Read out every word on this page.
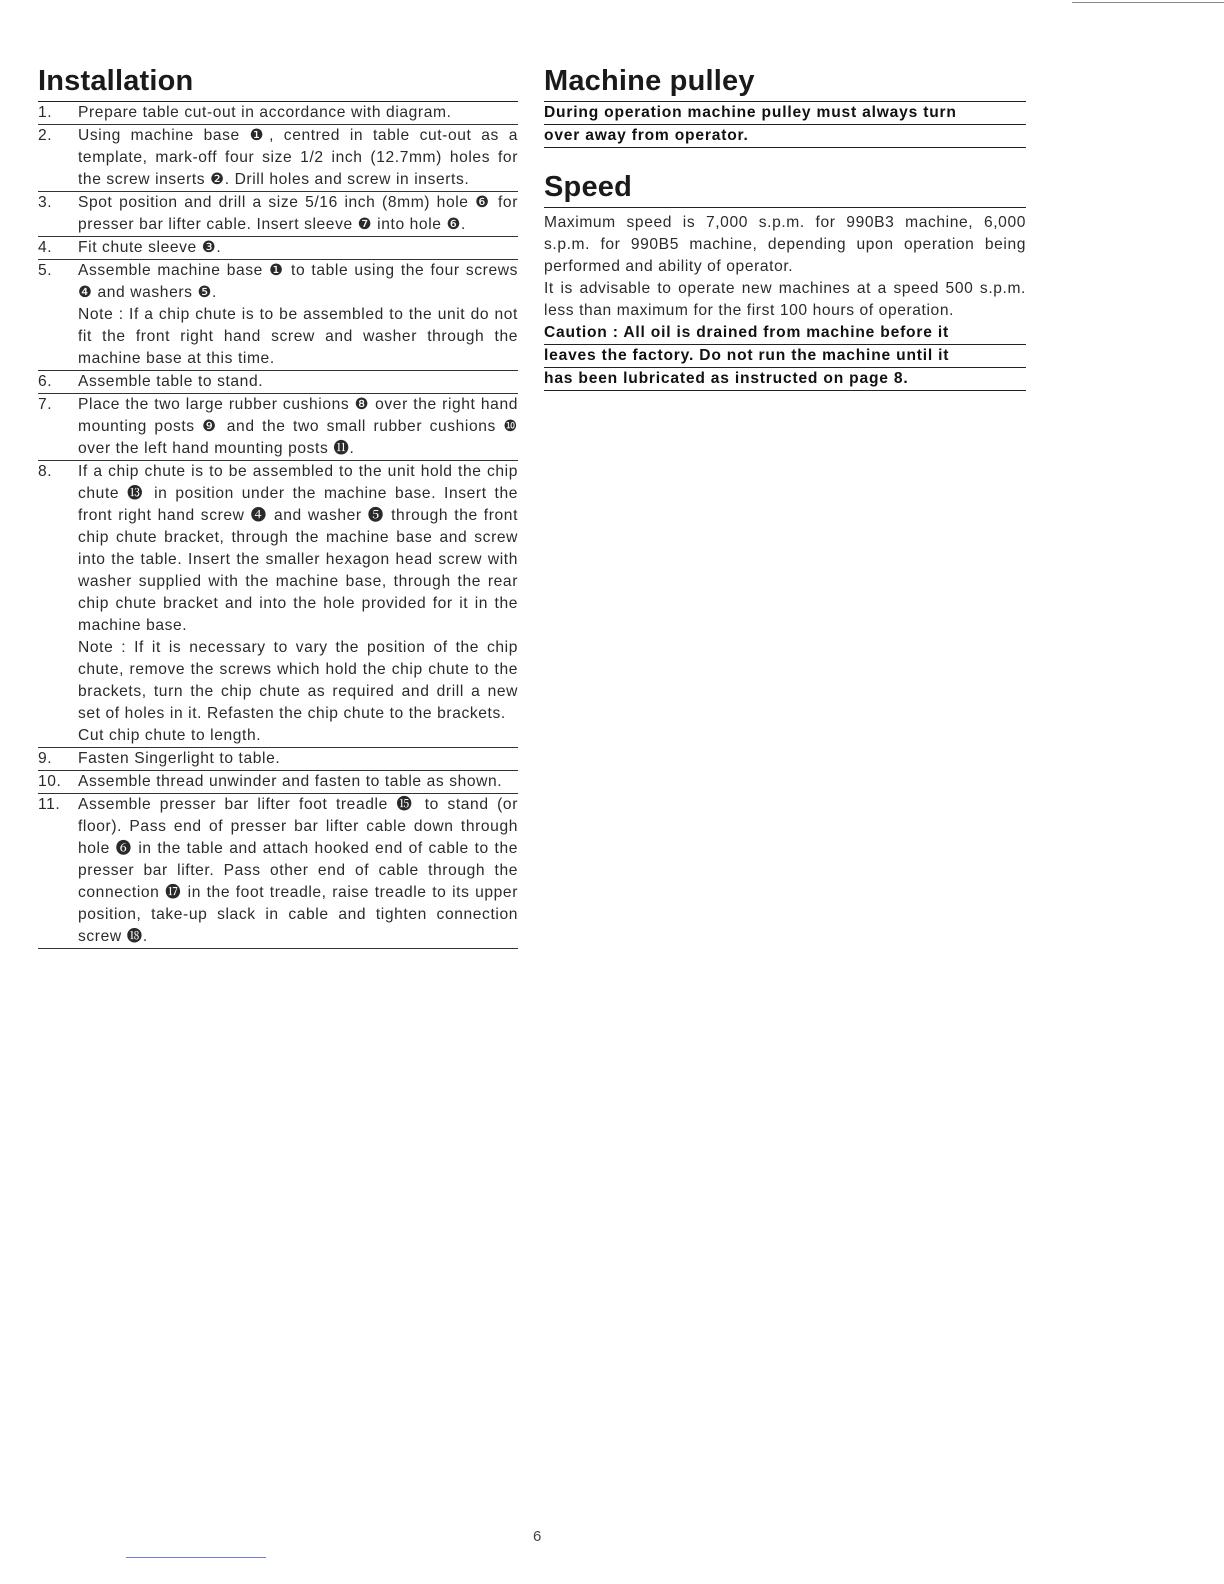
Installation
1.	Prepare table cut-out in accordance with diagram.
2.	Using machine base ❶, centred in table cut-out as a template, mark-off four size 1/2 inch (12.7mm) holes for the screw inserts ❷. Drill holes and screw in inserts.
3.	Spot position and drill a size 5/16 inch (8mm) hole ❻ for presser bar lifter cable. Insert sleeve ❼ into hole ❻.
4.	Fit chute sleeve ❸.
5.	Assemble machine base ❶ to table using the four screws ❹ and washers ❺.
Note : If a chip chute is to be assembled to the unit do not fit the front right hand screw and washer through the machine base at this time.
6.	Assemble table to stand.
7.	Place the two large rubber cushions ❽ over the right hand mounting posts ❾ and the two small rubber cushions ❿ over the left hand mounting posts ⓫.
8.	If a chip chute is to be assembled to the unit hold the chip chute ⓭ in position under the machine base. Insert the front right hand screw ❹ and washer ❺ through the front chip chute bracket, through the machine base and screw into the table. Insert the smaller hexagon head screw with washer supplied with the machine base, through the rear chip chute bracket and into the hole provided for it in the machine base.
Note : If it is necessary to vary the position of the chip chute, remove the screws which hold the chip chute to the brackets, turn the chip chute as required and drill a new set of holes in it. Refasten the chip chute to the brackets.
Cut chip chute to length.
9.	Fasten Singerlight to table.
10.	Assemble thread unwinder and fasten to table as shown.
11.	Assemble presser bar lifter foot treadle ⓯ to stand (or floor). Pass end of presser bar lifter cable down through hole ❻ in the table and attach hooked end of cable to the presser bar lifter. Pass other end of cable through the connection ⓱ in the foot treadle, raise treadle to its upper position, take-up slack in cable and tighten connection screw ⓲.
Machine pulley
During operation machine pulley must always turn
over away from operator.
Speed
Maximum speed is 7,000 s.p.m. for 990B3 machine, 6,000 s.p.m. for 990B5 machine, depending upon operation being performed and ability of operator.
It is advisable to operate new machines at a speed 500 s.p.m. less than maximum for the first 100 hours of operation.
Caution : All oil is drained from machine before it
leaves the factory. Do not run the machine until it
has been lubricated as instructed on page 8.
6
